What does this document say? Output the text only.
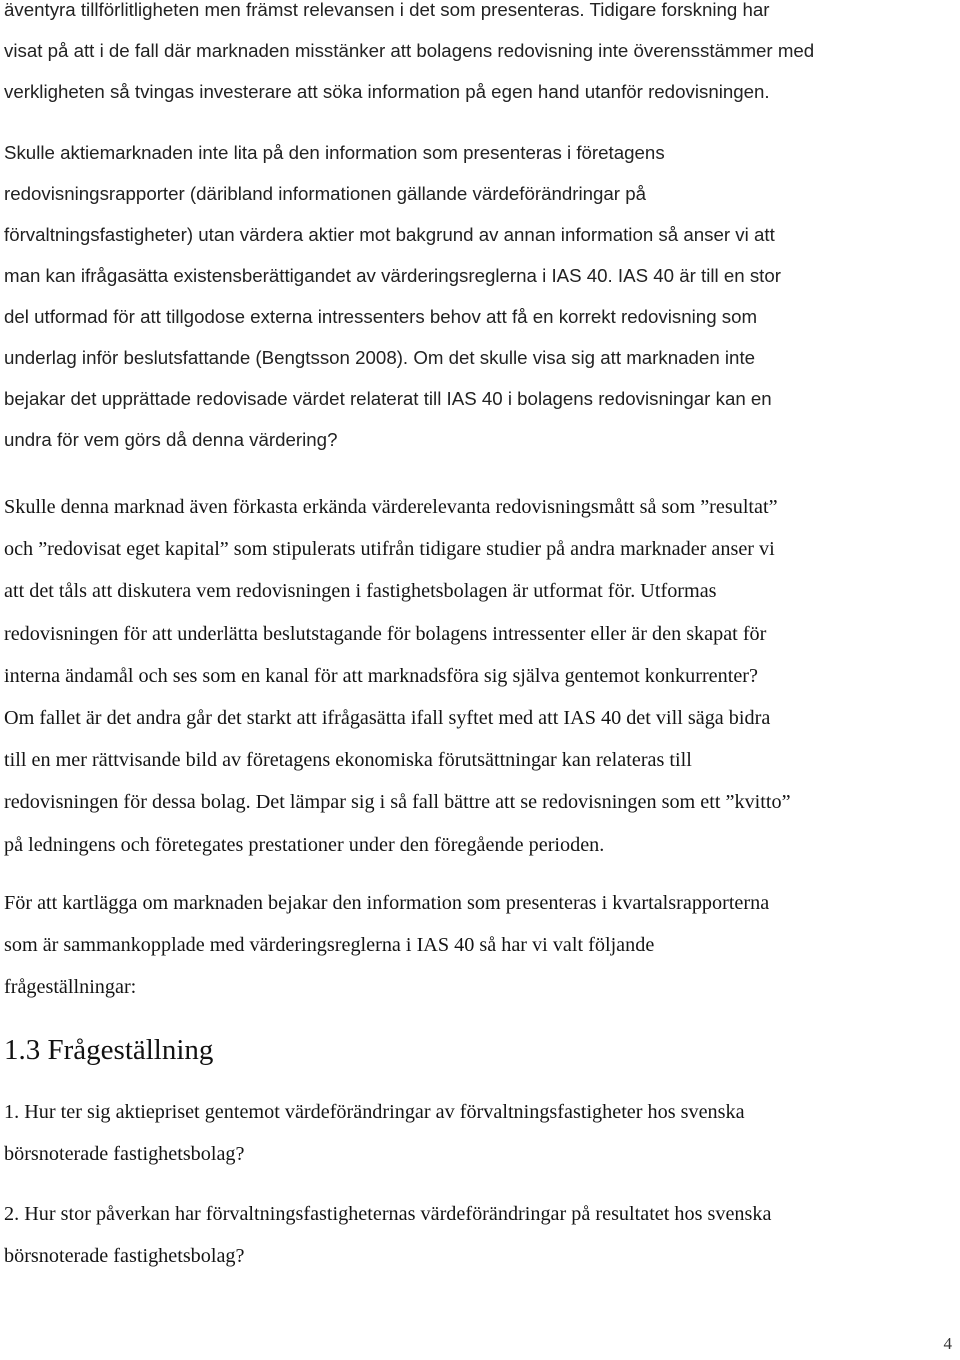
äventyra tillförlitligheten men främst relevansen i det som presenteras. Tidigare forskning har
visat på att i de fall där marknaden misstänker att bolagens redovisning inte överensstämmer med
verkligheten så tvingas investerare att söka information på egen hand utanför redovisningen.

Skulle aktiemarknaden inte lita på den information som presenteras i företagens
redovisningsrapporter (däribland informationen gällande värdeförändringar på
förvaltningsfastigheter) utan värdera aktier mot bakgrund av annan information så anser vi att
man kan ifrågasätta existensberättigandet av värderingsreglerna i IAS 40. IAS 40 är till en stor
del utformad för att tillgodose externa intressenters behov att få en korrekt redovisning som
underlag inför beslutsfattande (Bengtsson 2008). Om det skulle visa sig att marknaden inte
bejakar det upprättade redovisade värdet relaterat till IAS 40 i bolagens redovisningar kan en
undra för vem görs då denna värdering?

Skulle denna marknad även förkasta erkända värderelevanta redovisningsmått så som ”resultat”
och ”redovisat eget kapital” som stipulerats utifrån tidigare studier på andra marknader anser vi
att det tåls att diskutera vem redovisningen i fastighetsbolagen är utformat för. Utformas
redovisningen för att underlätta beslutstagande för bolagens intressenter eller är den skapat för
interna ändamål och ses som en kanal för att marknadsföra sig själva gentemot konkurrenter?
Om fallet är det andra går det starkt att ifrågasätta ifall syftet med att IAS 40 det vill säga bidra
till en mer rättvisande bild av företagens ekonomiska förutsättningar kan relateras till
redovisningen för dessa bolag. Det lämpar sig i så fall bättre att se redovisningen som ett ”kvitto”
på ledningens och företegates prestationer under den föregående perioden.

För att kartlägga om marknaden bejakar den information som presenteras i kvartalsrapporterna
som är sammankopplade med värderingsreglerna i IAS 40 så har vi valt följande
frågeställningar:

1.3 Frågeställning

1. Hur ter sig aktiepriset gentemot värdeförändringar av förvaltningsfastigheter hos svenska
börsnoterade fastighetsbolag?

2. Hur stor påverkan har förvaltningsfastigheternas värdeförändringar på resultatet hos svenska
börsnoterade fastighetsbolag?

4
